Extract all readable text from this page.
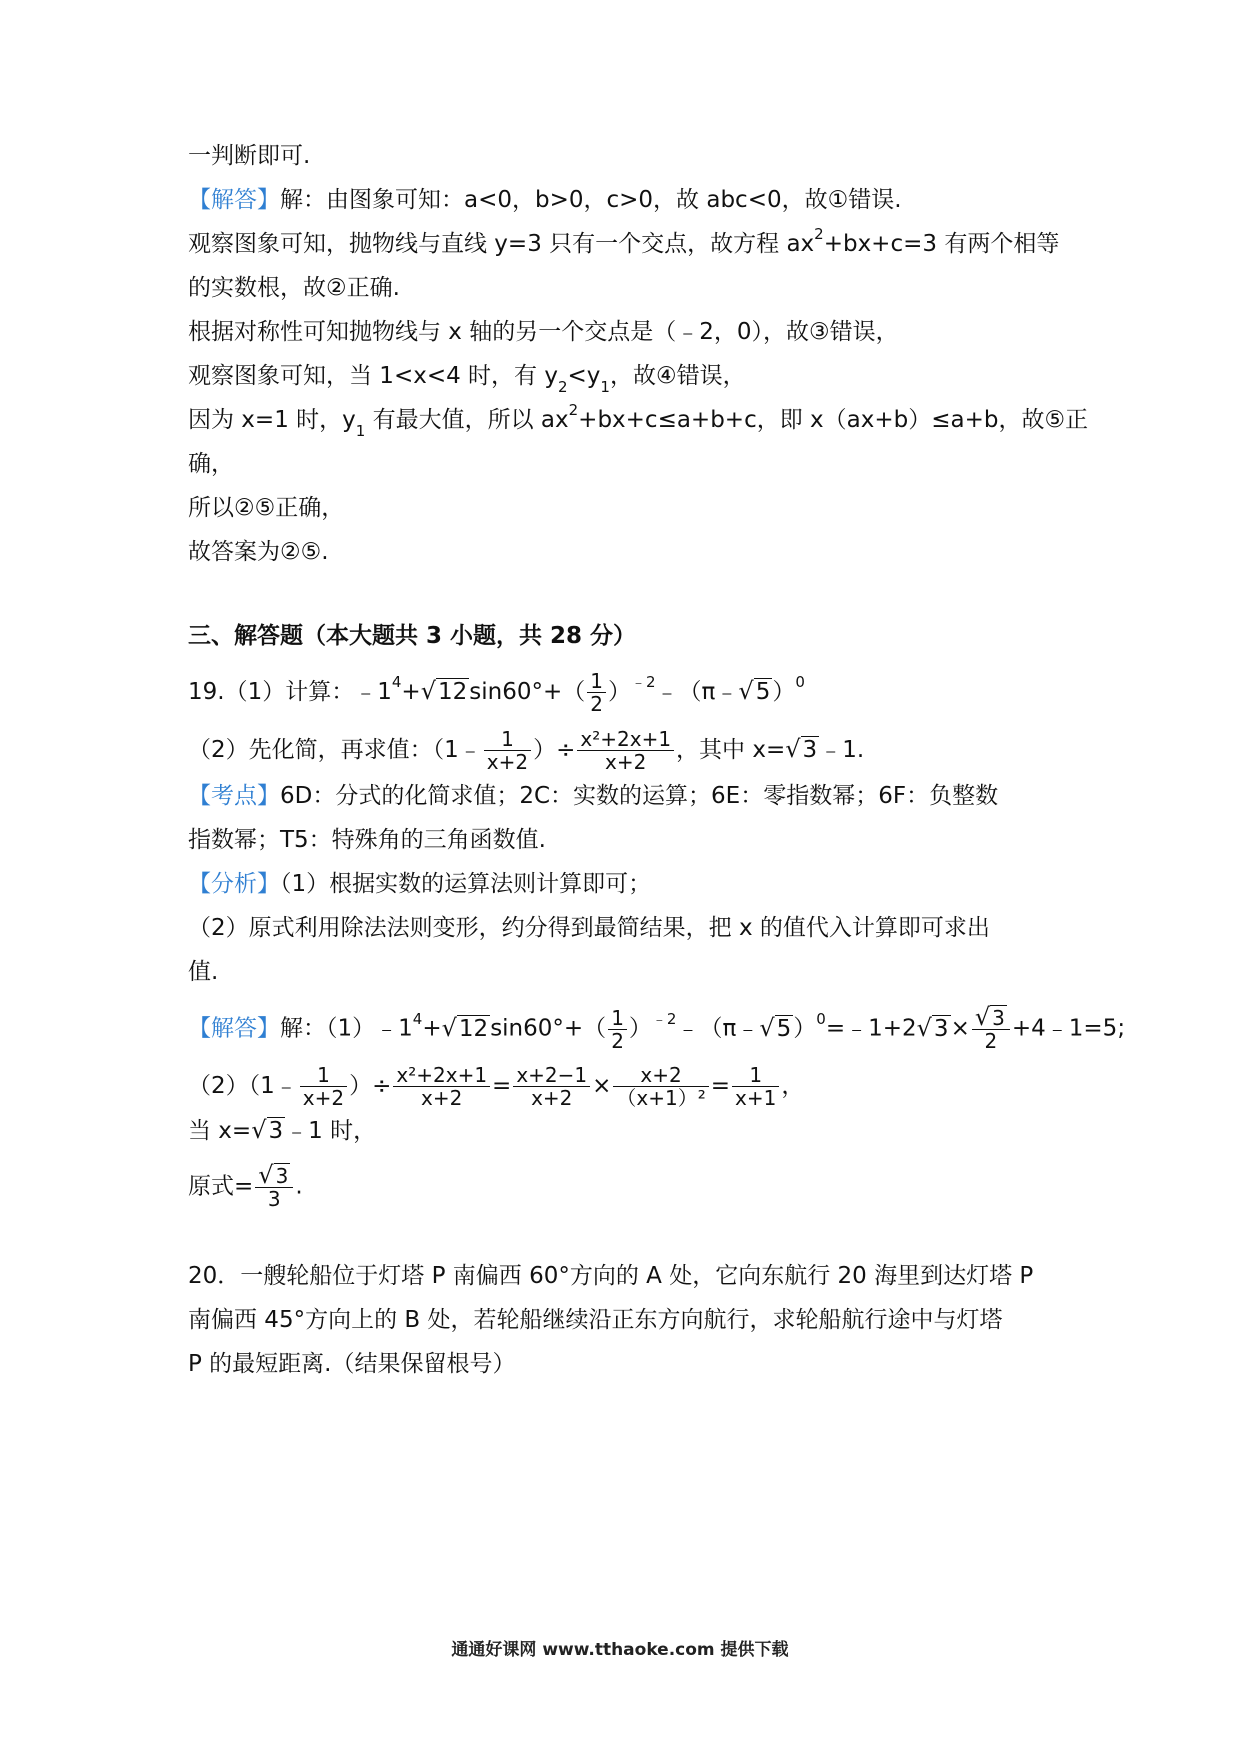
一判断即可.
【解答】解：由图象可知：a<0，b>0，c>0，故 abc<0，故①错误.
观察图象可知，抛物线与直线 y=3 只有一个交点，故方程 $ax^2+bx+c=3$ 有两个相等
的实数根，故②正确.
根据对称性可知抛物线与 x 轴的另一个交点是（﹣2，0），故③错误，
观察图象可知，当 1<x<4 时，有 $y_2<y_1$，故④错误，
因为 x=1 时，$y_1$ 有最大值，所以 $ax^2+bx+c\le a+b+c$，即 x（ax+b）≤a+b，故⑤正
确，
所以②⑤正确，
故答案为②⑤.
三、解答题（本大题共 3 小题，共 28 分）
19.（1）计算：$﹣1^4+√12\sin 60^\circ+( \frac{1}{2}$ ）$^{﹣2}$﹣（π﹣√5）$^0$
（2）先化简，再求值：（1﹣ $\frac{1}{x+2}$ ）÷ $\frac{\text{x²+2x+1}}{x+2}$ ，其中 x=√3﹣1.
【考点】6D：分式的化简求值；2C：实数的运算；6E：零指数幂；6F：负整数
指数幂；T5：特殊角的三角函数值.
【分析】（1）根据实数的运算法则计算即可；
（2）原式利用除法法则变形，约分得到最简结果，把 x 的值代入计算即可求出
值.
【解答】解：$(1)﹣1^4+√12\sin 60^\circ+( \frac{1}{2}$ ）$^{﹣2}$﹣（π﹣√5）$^0$=﹣1+2√3× $\frac{√ 3}{2}$ +4﹣1=5;
（2）（1﹣ $\frac{1}{x+2}$ ）÷ $\frac{\text{x²+2x+1}}{x+2} = \frac{x+2-1}{x+2} \times \frac{x+2}{\text{（x+1）²}} = \frac{1}{x+1}$ ，
当 x=√3﹣1 时，
原式= $\frac{√ 3}{3}$ .
20．一艘轮船位于灯塔 P 南偏西 60°方向的 A 处，它向东航行 20 海里到达灯塔 P
南偏西 45°方向上的 B 处，若轮船继续沿正东方向航行，求轮船航行途中与灯塔
P 的最短距离.（结果保留根号）
通通好课网 www.tthaoke.com 提供下载
